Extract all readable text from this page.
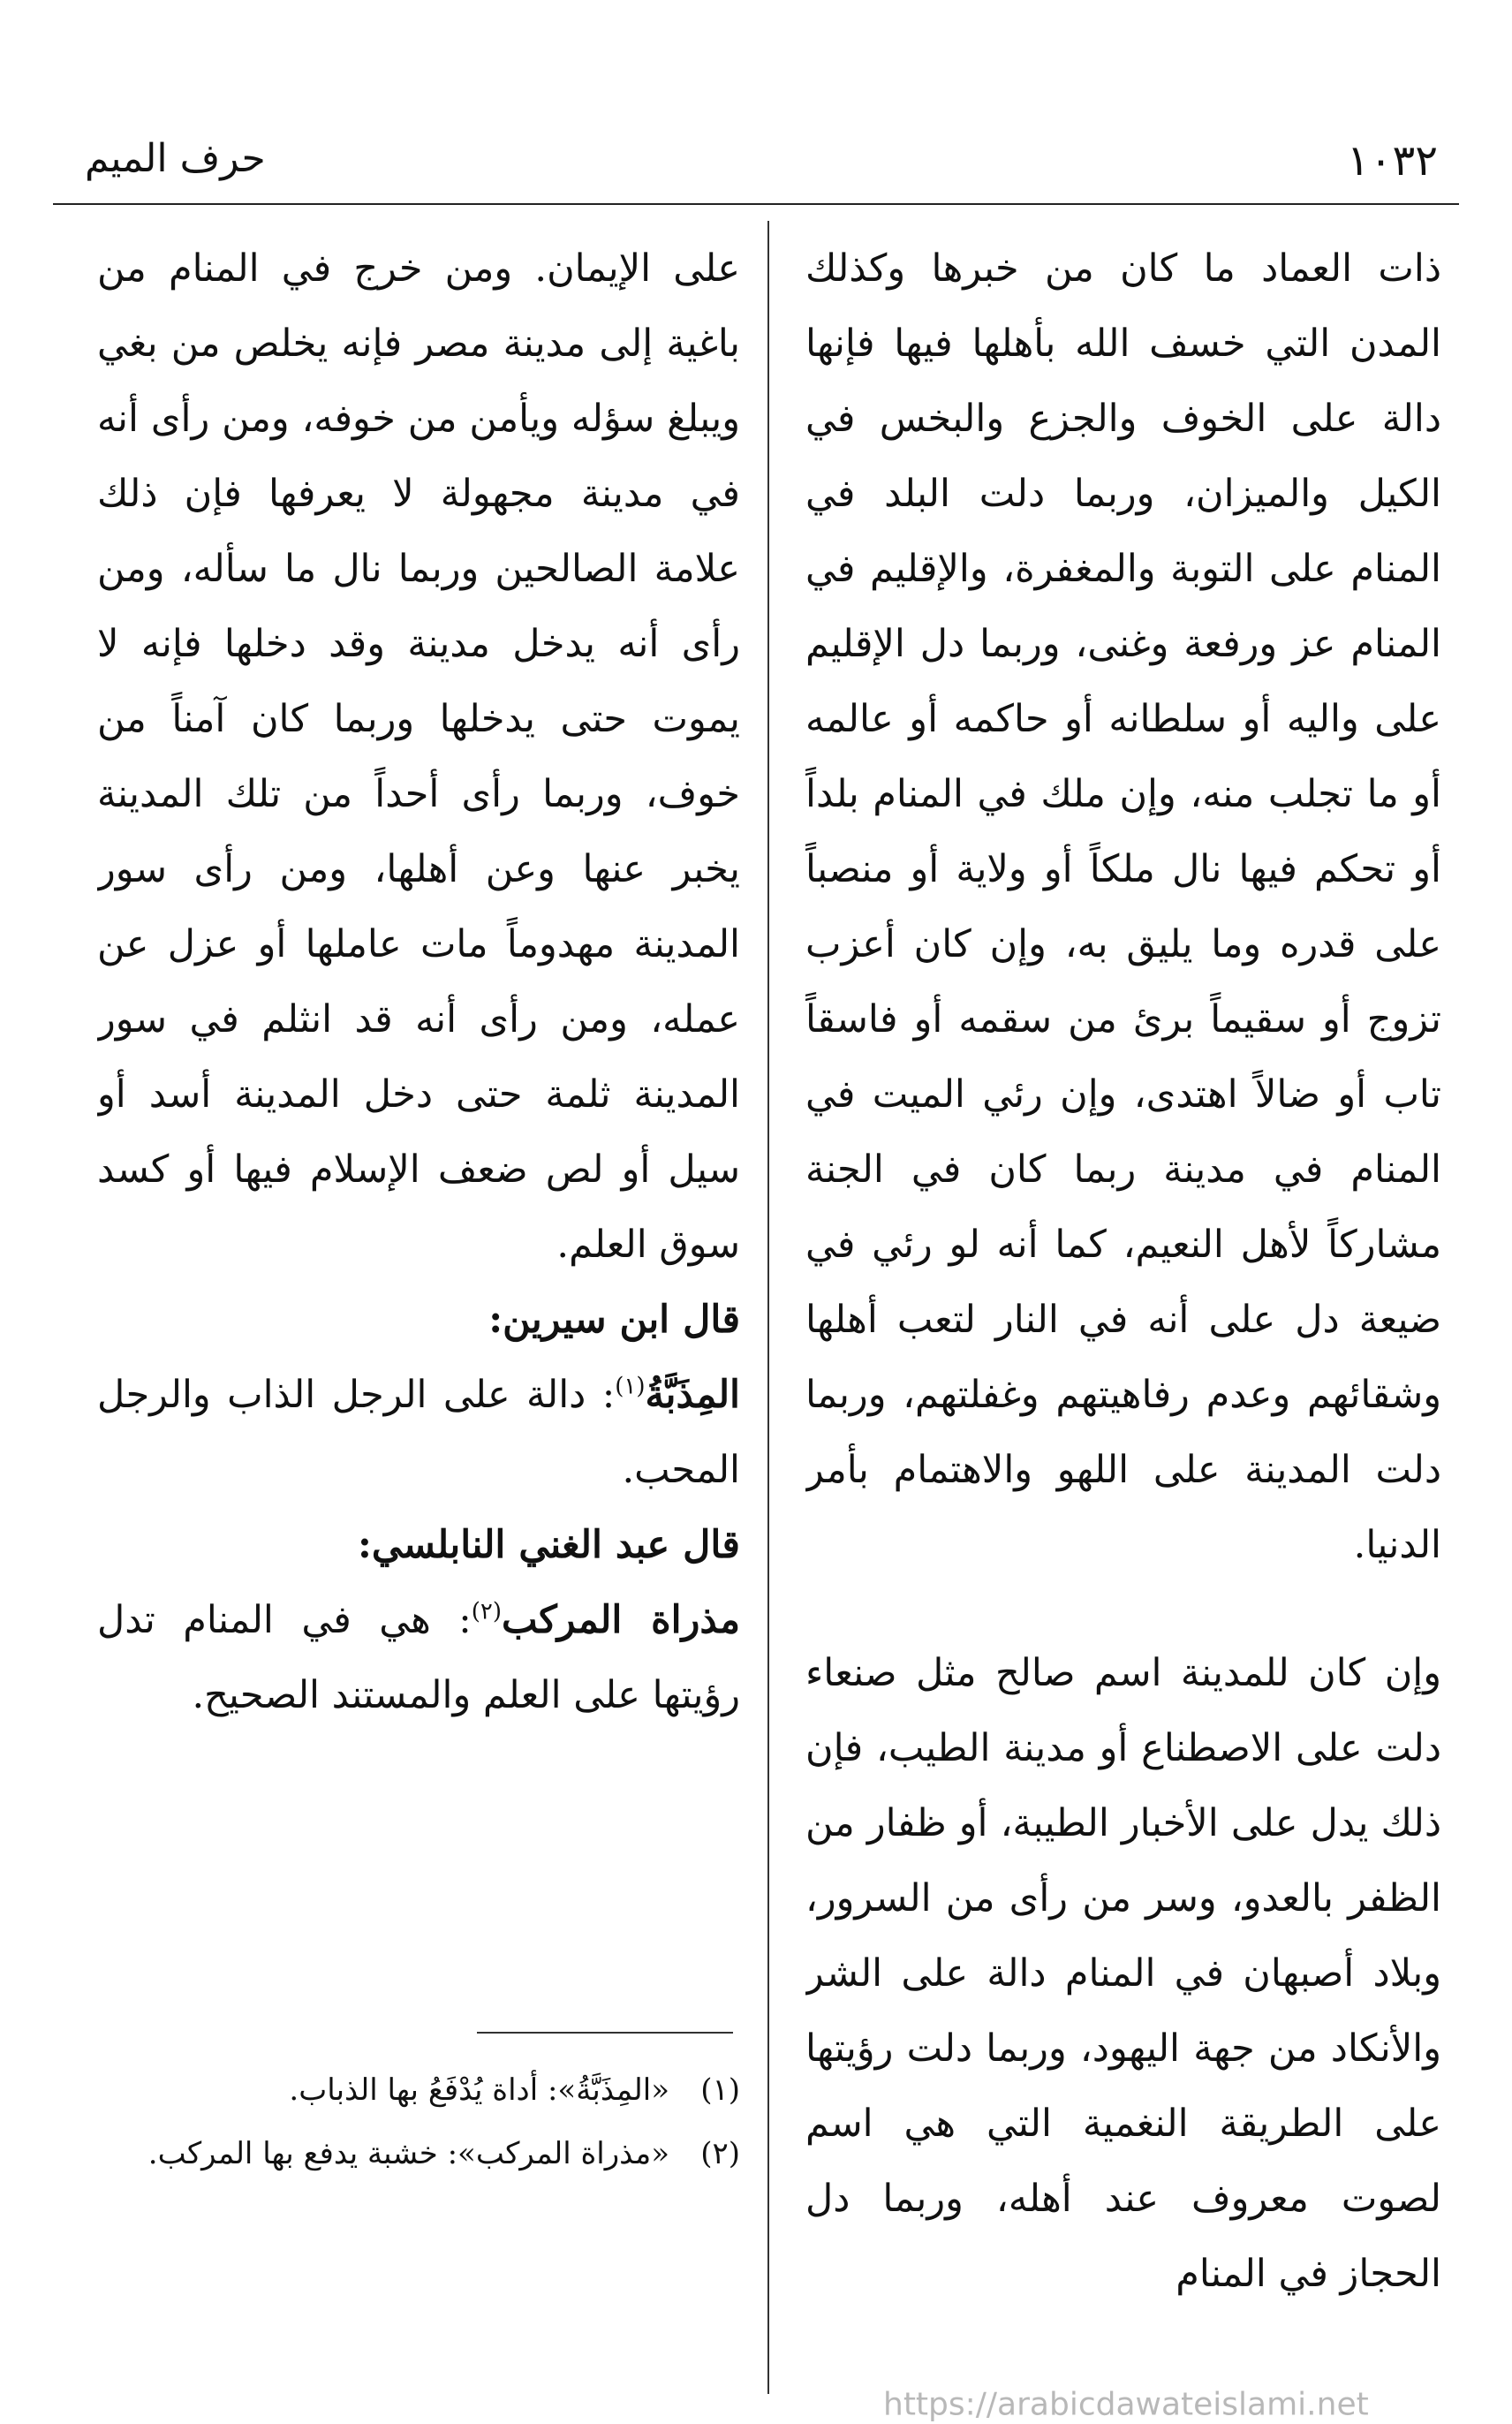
١٠٣٢
حرف الميم

ذات العماد ما كان من خبرها وكذلك المدن التي خسف الله بأهلها فيها فإنها دالة على الخوف والجزع والبخس في الكيل والميزان، وربما دلت البلد في المنام على التوبة والمغفرة، والإقليم في المنام عز ورفعة وغنى، وربما دل الإقليم على واليه أو سلطانه أو حاكمه أو عالمه أو ما تجلب منه، وإن ملك في المنام بلداً أو تحكم فيها نال ملكاً أو ولاية أو منصباً على قدره وما يليق به، وإن كان أعزب تزوج أو سقيماً برئ من سقمه أو فاسقاً تاب أو ضالاً اهتدى، وإن رئي الميت في المنام في مدينة ربما كان في الجنة مشاركاً لأهل النعيم، كما أنه لو رئي في ضيعة دل على أنه في النار لتعب أهلها وشقائهم وعدم رفاهيتهم وغفلتهم، وربما دلت المدينة على اللهو والاهتمام بأمر الدنيا.

وإن كان للمدينة اسم صالح مثل صنعاء دلت على الاصطناع أو مدينة الطيب، فإن ذلك يدل على الأخبار الطيبة، أو ظفار من الظفر بالعدو، وسر من رأى من السرور، وبلاد أصبهان في المنام دالة على الشر والأنكاد من جهة اليهود، وربما دلت رؤيتها على الطريقة النغمية التي هي اسم لصوت معروف عند أهله، وربما دل الحجاز في المنام

على الإيمان. ومن خرج في المنام من باغية إلى مدينة مصر فإنه يخلص من بغي ويبلغ سؤله ويأمن من خوفه، ومن رأى أنه في مدينة مجهولة لا يعرفها فإن ذلك علامة الصالحين وربما نال ما سأله، ومن رأى أنه يدخل مدينة وقد دخلها فإنه لا يموت حتى يدخلها وربما كان آمناً من خوف، وربما رأى أحداً من تلك المدينة يخبر عنها وعن أهلها، ومن رأى سور المدينة مهدوماً مات عاملها أو عزل عن عمله، ومن رأى أنه قد انثلم في سور المدينة ثلمة حتى دخل المدينة أسد أو سيل أو لص ضعف الإسلام فيها أو كسد سوق العلم.

قال ابن سيرين:

المِذَبَّةُ$^{(١)}$: دالة على الرجل الذاب والرجل المحب.

قال عبد الغني النابلسي:

مذراة المركب$^{(٢)}$: هي في المنام تدل رؤيتها على العلم والمستند الصحيح.

(١)
«المِذَبَّةُ»: أداة يُدْفَعُ بها الذباب.
(٢)
«مذراة المركب»: خشبة يدفع بها المركب.
https://arabicdawateislami.net
